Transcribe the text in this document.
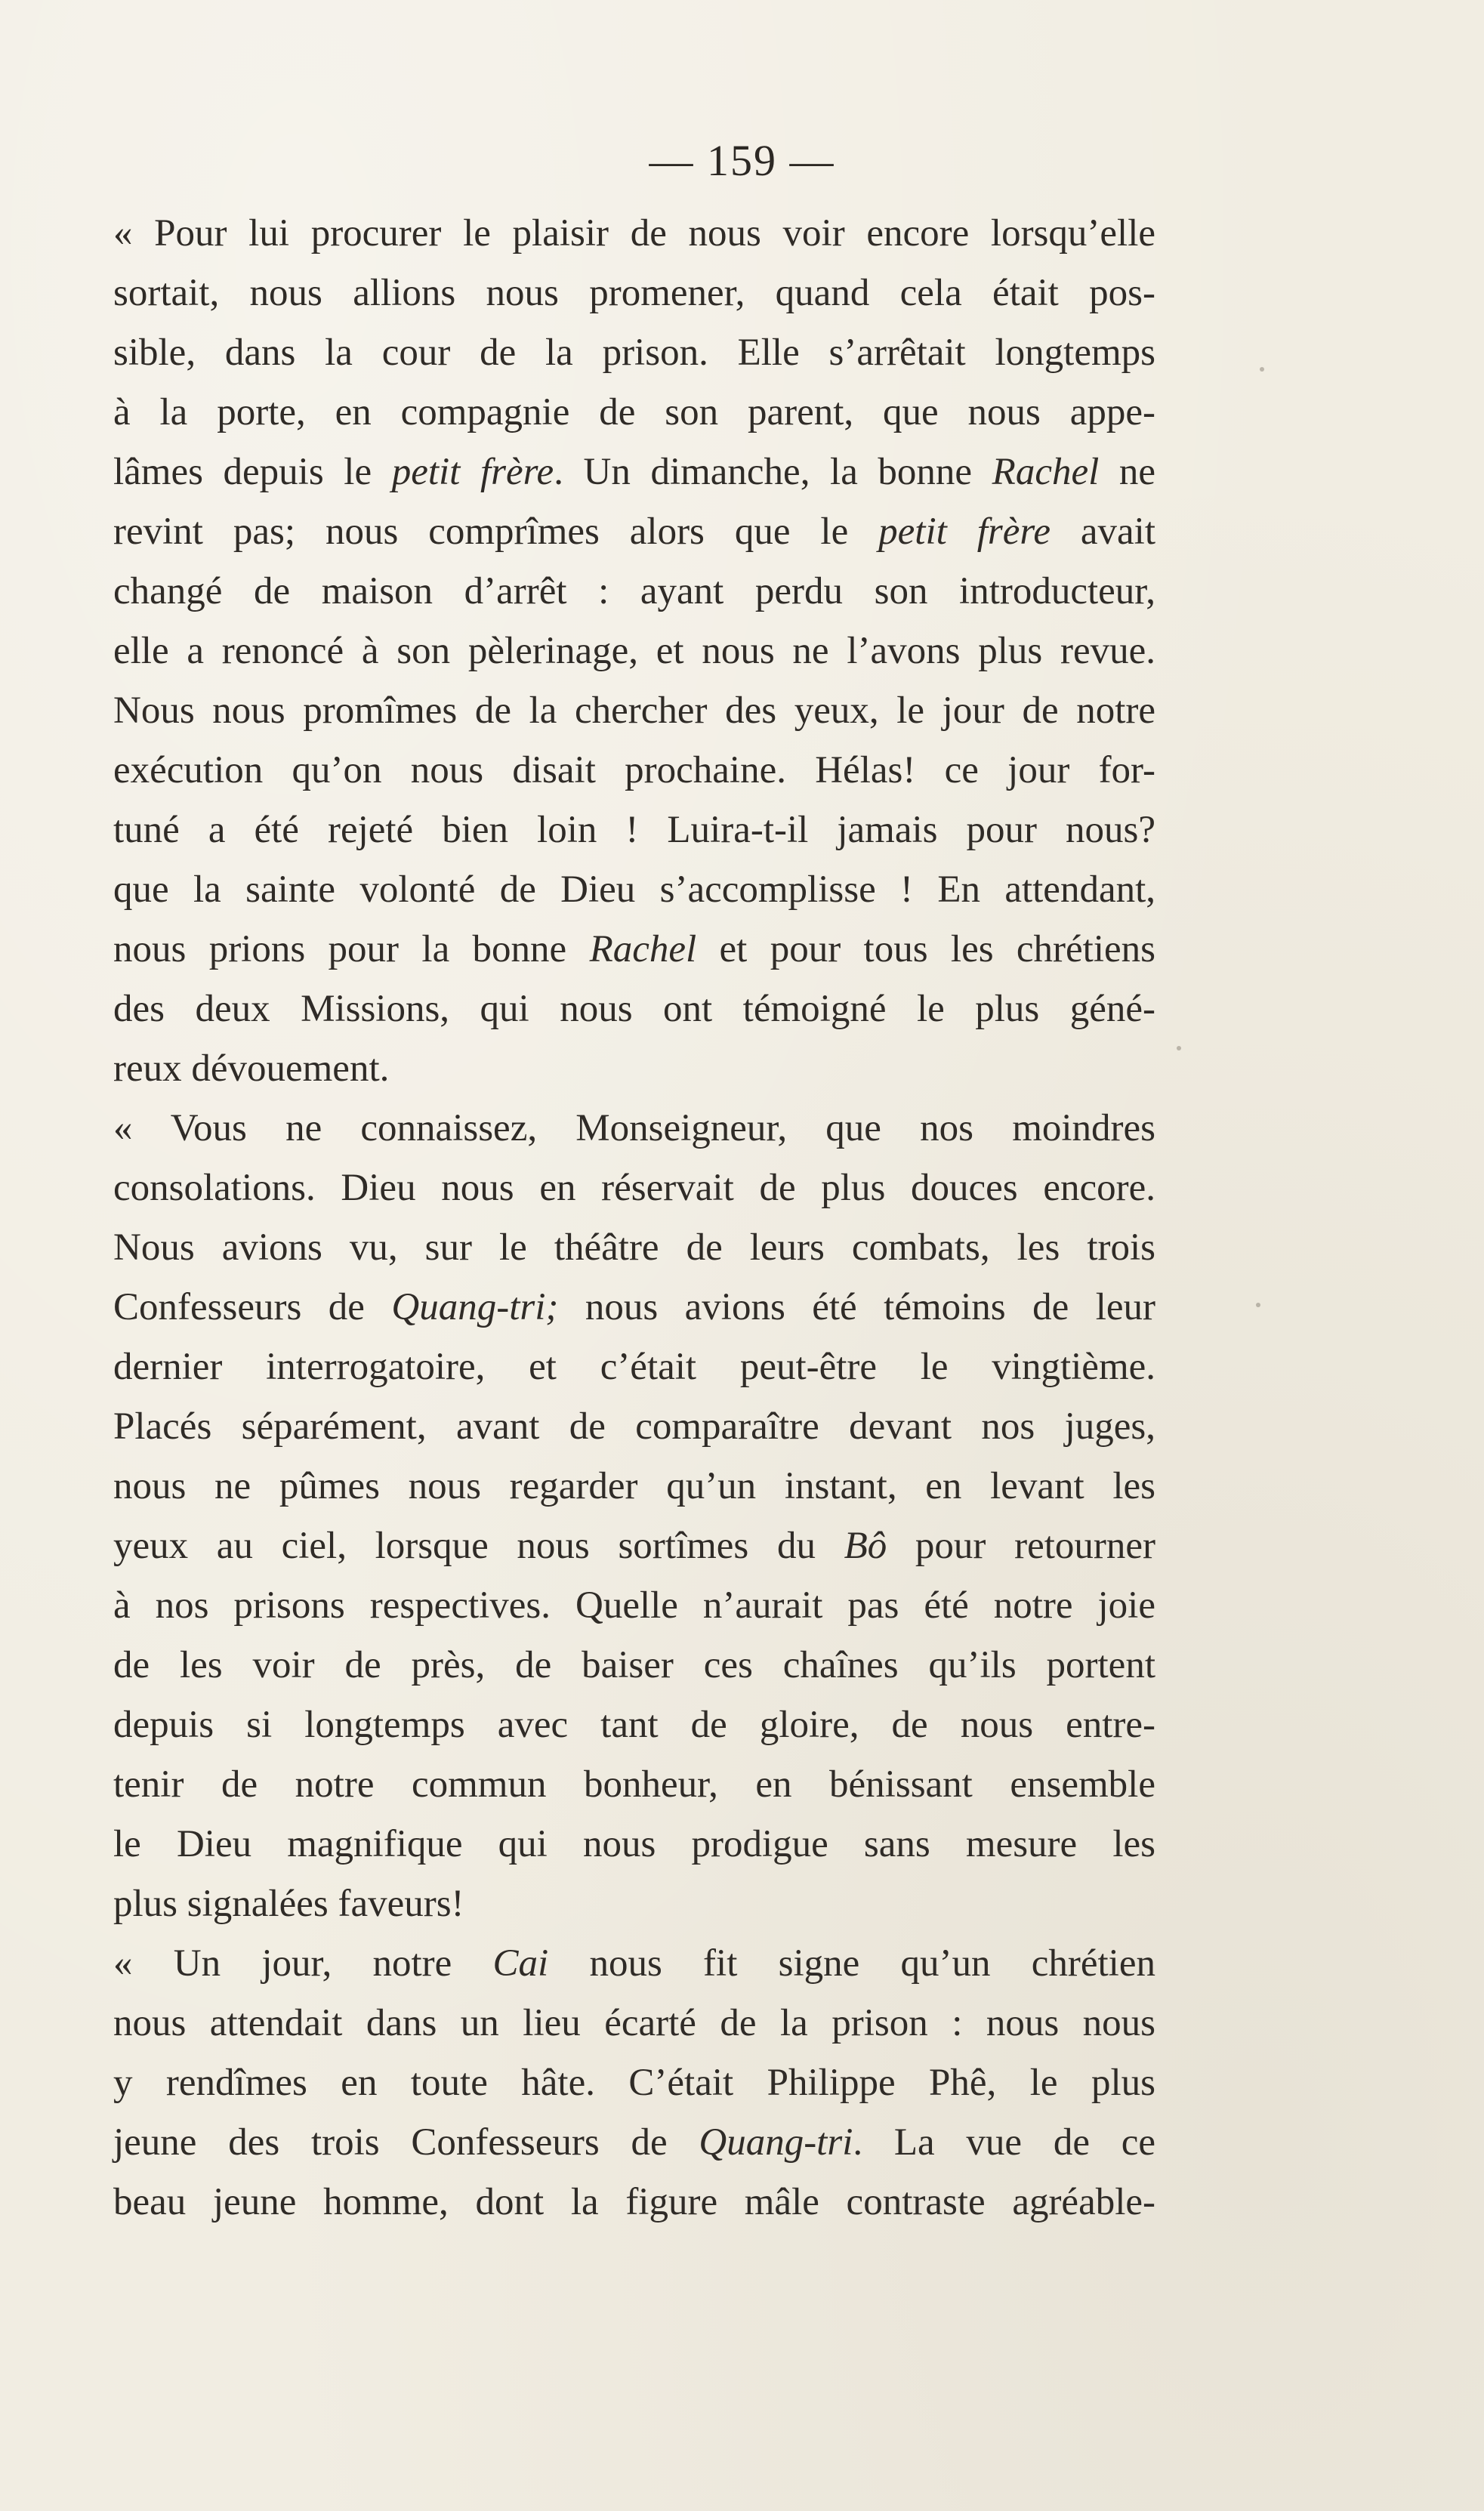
— 159 —
« Pour lui procurer le plaisir de nous voir encore lorsqu’elle
sortait, nous allions nous promener, quand cela était pos-
sible, dans la cour de la prison. Elle s’arrêtait longtemps
à la porte, en compagnie de son parent, que nous appe-
lâmes depuis le petit frère. Un dimanche, la bonne Rachel ne
revint pas; nous comprîmes alors que le petit frère avait
changé de maison d’arrêt : ayant perdu son introducteur,
elle a renoncé à son pèlerinage, et nous ne l’avons plus revue.
Nous nous promîmes de la chercher des yeux, le jour de notre
exécution qu’on nous disait prochaine. Hélas! ce jour for-
tuné a été rejeté bien loin ! Luira-t-il jamais pour nous?
que la sainte volonté de Dieu s’accomplisse ! En attendant,
nous prions pour la bonne Rachel et pour tous les chrétiens
des deux Missions, qui nous ont témoigné le plus géné-
reux dévouement.
« Vous ne connaissez, Monseigneur, que nos moindres
consolations. Dieu nous en réservait de plus douces encore.
Nous avions vu, sur le théâtre de leurs combats, les trois
Confesseurs de Quang-tri; nous avions été témoins de leur
dernier interrogatoire, et c’était peut-être le vingtième.
Placés séparément, avant de comparaître devant nos juges,
nous ne pûmes nous regarder qu’un instant, en levant les
yeux au ciel, lorsque nous sortîmes du Bô pour retourner
à nos prisons respectives. Quelle n’aurait pas été notre joie
de les voir de près, de baiser ces chaînes qu’ils portent
depuis si longtemps avec tant de gloire, de nous entre-
tenir de notre commun bonheur, en bénissant ensemble
le Dieu magnifique qui nous prodigue sans mesure les
plus signalées faveurs!
« Un jour, notre Cai nous fit signe qu’un chrétien
nous attendait dans un lieu écarté de la prison : nous nous
y rendîmes en toute hâte. C’était Philippe Phê, le plus
jeune des trois Confesseurs de Quang-tri. La vue de ce
beau jeune homme, dont la figure mâle contraste agréable-
